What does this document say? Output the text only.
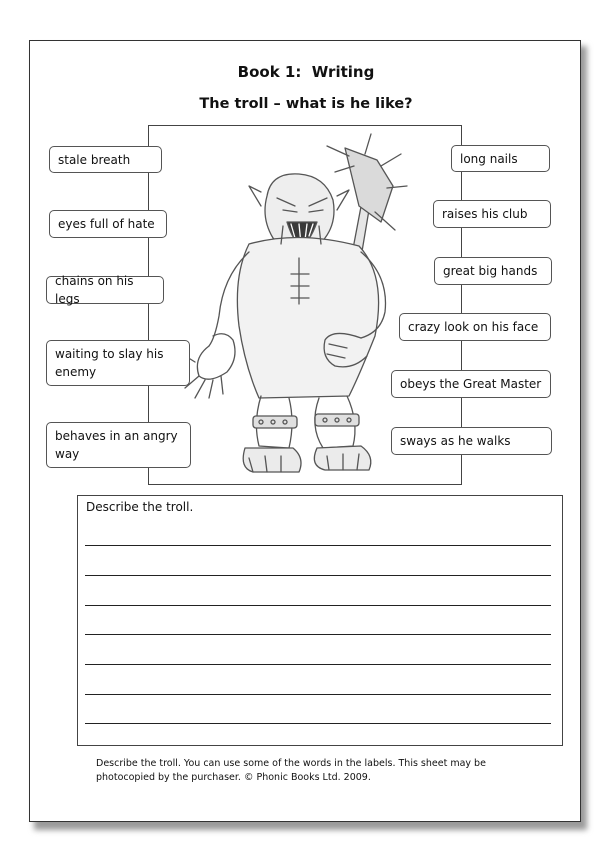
Book 1:  Writing
The troll – what is he like?
stale breath
eyes full of hate
chains on his legs
waiting to slay his enemy
behaves in an angry way
long nails
raises his club
great big hands
crazy look on his face
obeys the Great Master
sways as he walks
Describe the troll.
Describe the troll. You can use some of the words in the labels. This sheet may be
photocopied by the purchaser. © Phonic Books Ltd. 2009.
